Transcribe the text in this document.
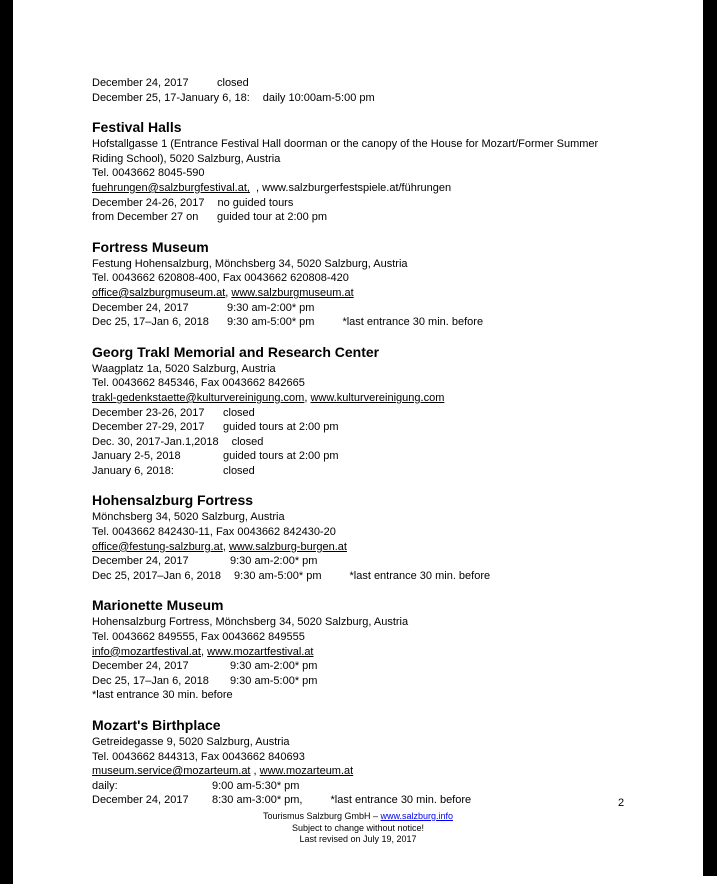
December 24, 2017	closed
December 25, 17-January 6, 18:	daily 10:00am-5:00 pm
Festival Halls
Hofstallgasse 1 (Entrance Festival Hall doorman or the canopy of the House for Mozart/Former Summer
Riding School), 5020 Salzburg, Austria
Tel. 0043662 8045-590
fuehrungen@salzburgfestival.at,  , www.salzburgerfestspiele.at/führungen
December 24-26, 2017	no guided tours
from December 27 on	guided tour at 2:00 pm
Fortress Museum
Festung Hohensalzburg, Mönchsberg 34, 5020 Salzburg, Austria
Tel. 0043662 620808-400, Fax 0043662 620808-420
office@salzburgmuseum.at, www.salzburgmuseum.at
December 24, 2017	9:30 am-2:00* pm
Dec 25, 17–Jan 6, 2018	9:30 am-5:00* pm	*last entrance 30 min. before
Georg Trakl Memorial and Research Center
Waagplatz 1a, 5020 Salzburg, Austria
Tel. 0043662 845346, Fax 0043662 842665
trakl-gedenkstaette@kulturvereinigung.com, www.kulturvereinigung.com
December 23-26, 2017	closed
December 27-29, 2017	guided tours at 2:00 pm
Dec. 30, 2017-Jan.1,2018	closed
January 2-5, 2018	guided tours at 2:00 pm
January 6, 2018:	closed
Hohensalzburg Fortress
Mönchsberg 34, 5020 Salzburg, Austria
Tel. 0043662 842430-11, Fax 0043662 842430-20
office@festung-salzburg.at, www.salzburg-burgen.at
December 24, 2017	9:30 am-2:00* pm
Dec 25, 2017–Jan 6, 2018	9:30 am-5:00* pm	*last entrance 30 min. before
Marionette Museum
Hohensalzburg Fortress, Mönchsberg 34, 5020 Salzburg, Austria
Tel. 0043662 849555, Fax 0043662 849555
info@mozartfestival.at, www.mozartfestival.at
December 24, 2017	9:30 am-2:00* pm
Dec 25, 17–Jan 6, 2018	9:30 am-5:00* pm
*last entrance 30 min. before
Mozart's Birthplace
Getreidegasse 9, 5020 Salzburg, Austria
Tel. 0043662 844313, Fax 0043662 840693
museum.service@mozarteum.at , www.mozarteum.at
daily:	9:00 am-5:30* pm
December 24, 2017	8:30 am-3:00* pm,	*last entrance 30 min. before	2
Tourismus Salzburg GmbH – www.salzburg.info
Subject to change without notice!
Last revised on July 19, 2017
